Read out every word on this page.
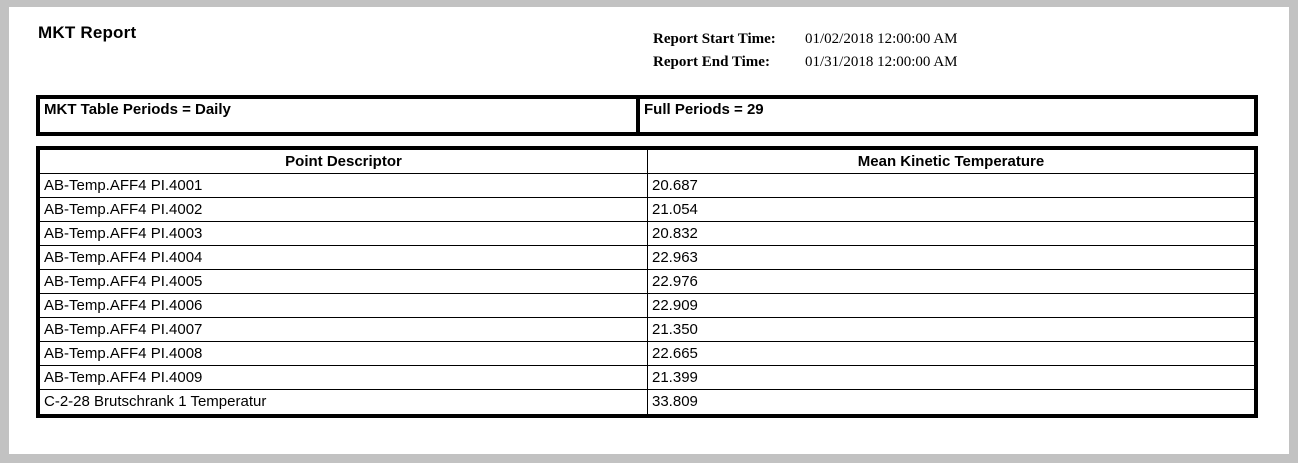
MKT Report	Report Start Time:	01/02/2018 12:00:00 AM
Report End Time:	01/31/2018 12:00:00 AM
MKT Table Periods = Daily	Full Periods = 29
Point Descriptor	Mean Kinetic Temperature
AB-Temp.AFF4 PI.4001	20.687
AB-Temp.AFF4 PI.4002	21.054
AB-Temp.AFF4 PI.4003	20.832
AB-Temp.AFF4 PI.4004	22.963
AB-Temp.AFF4 PI.4005	22.976
AB-Temp.AFF4 PI.4006	22.909
AB-Temp.AFF4 PI.4007	21.350
AB-Temp.AFF4 PI.4008	22.665
AB-Temp.AFF4 PI.4009	21.399
C-2-28 Brutschrank 1 Temperatur	33.809
